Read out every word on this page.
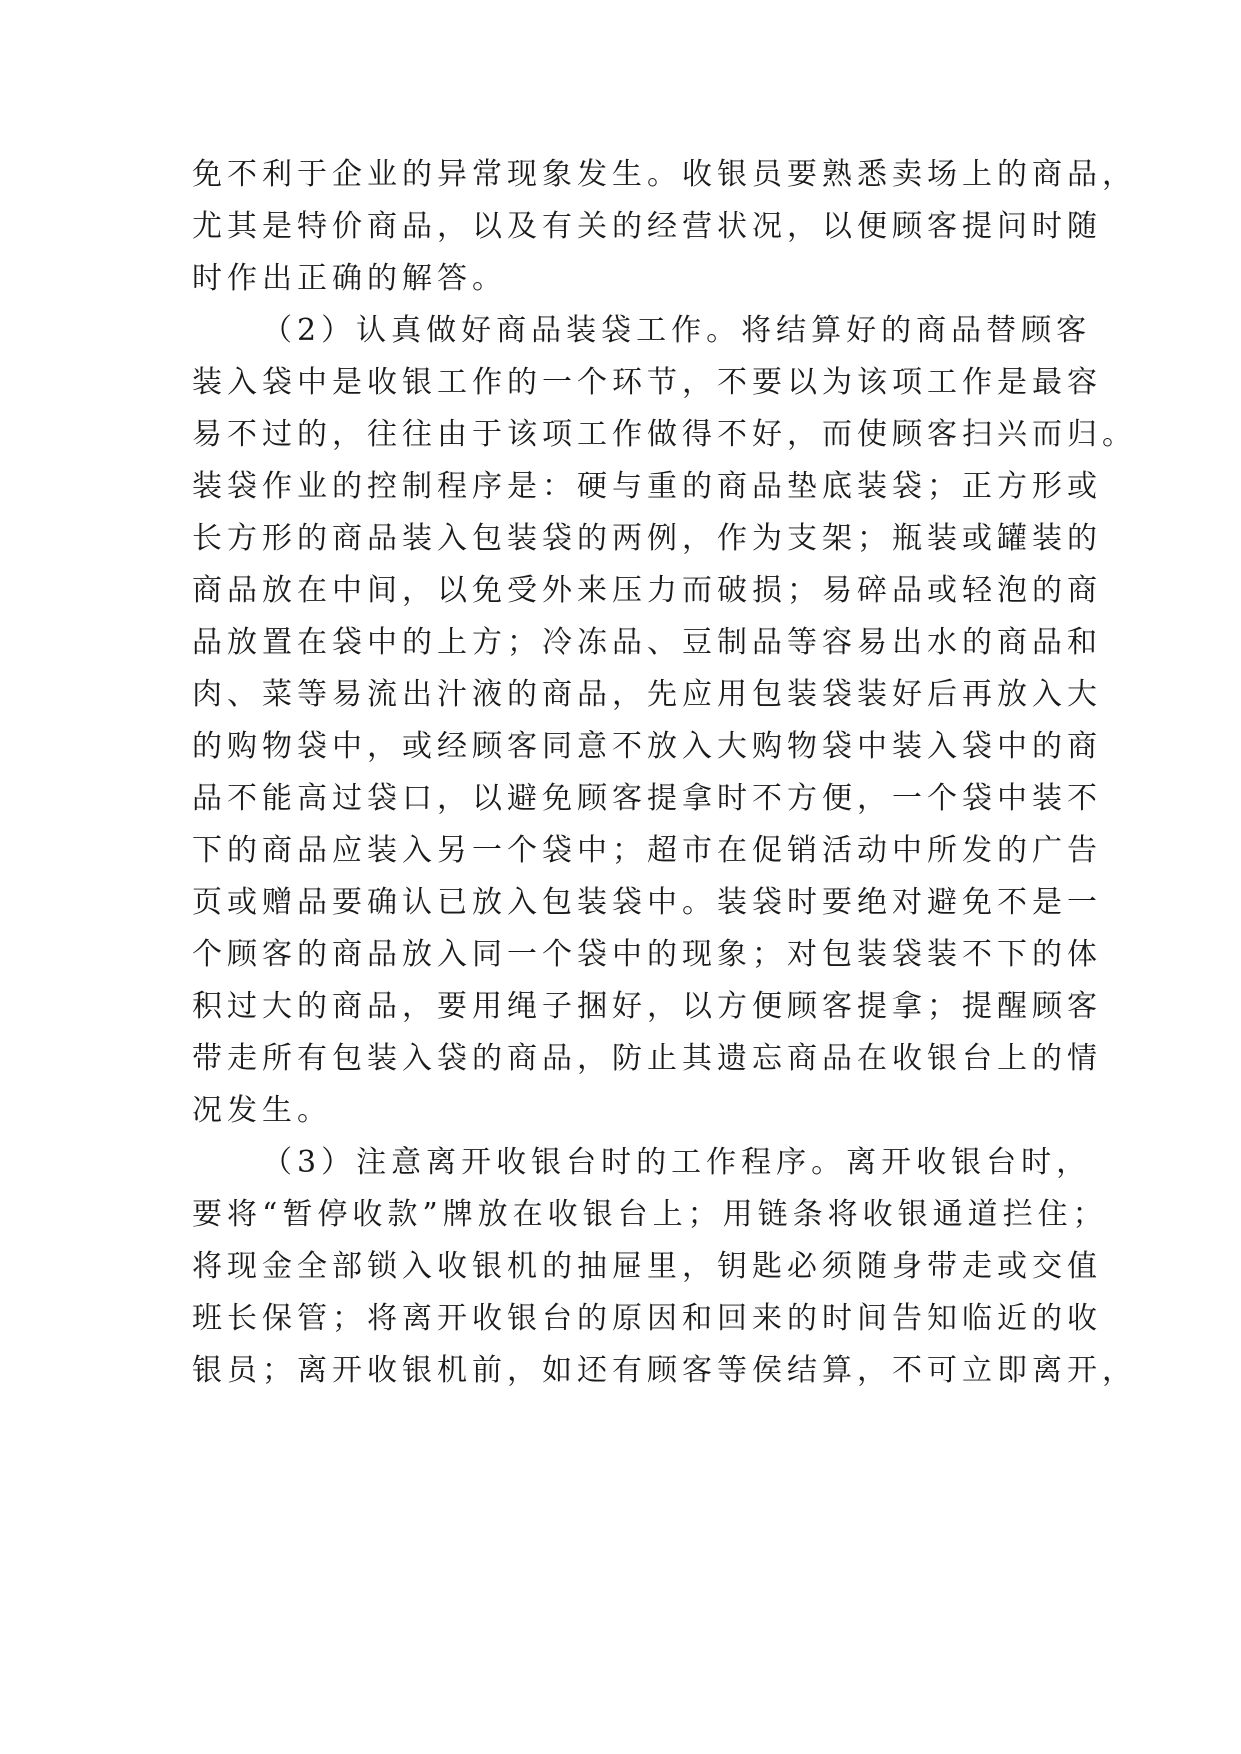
免不利于企业的异常现象发生。收银员要熟悉卖场上的商品，

尤其是特价商品，以及有关的经营状况，以便顾客提问时随

时作出正确的解答。

（2）认真做好商品装袋工作。将结算好的商品替顾客

装入袋中是收银工作的一个环节，不要以为该项工作是最容

易不过的，往往由于该项工作做得不好，而使顾客扫兴而归。

装袋作业的控制程序是：硬与重的商品垫底装袋；正方形或

长方形的商品装入包装袋的两例，作为支架；瓶装或罐装的

商品放在中间，以免受外来压力而破损；易碎品或轻泡的商

品放置在袋中的上方；冷冻品、豆制品等容易出水的商品和

肉、菜等易流出汁液的商品，先应用包装袋装好后再放入大

的购物袋中，或经顾客同意不放入大购物袋中装入袋中的商

品不能高过袋口，以避免顾客提拿时不方便，一个袋中装不

下的商品应装入另一个袋中；超市在促销活动中所发的广告

页或赠品要确认已放入包装袋中。装袋时要绝对避免不是一

个顾客的商品放入同一个袋中的现象；对包装袋装不下的体

积过大的商品，要用绳子捆好，以方便顾客提拿；提醒顾客

带走所有包装入袋的商品，防止其遗忘商品在收银台上的情

况发生。

（3）注意离开收银台时的工作程序。离开收银台时，

要将“暂停收款”牌放在收银台上；用链条将收银通道拦住；

将现金全部锁入收银机的抽屉里，钥匙必须随身带走或交值

班长保管；将离开收银台的原因和回来的时间告知临近的收

银员；离开收银机前，如还有顾客等侯结算，不可立即离开，
